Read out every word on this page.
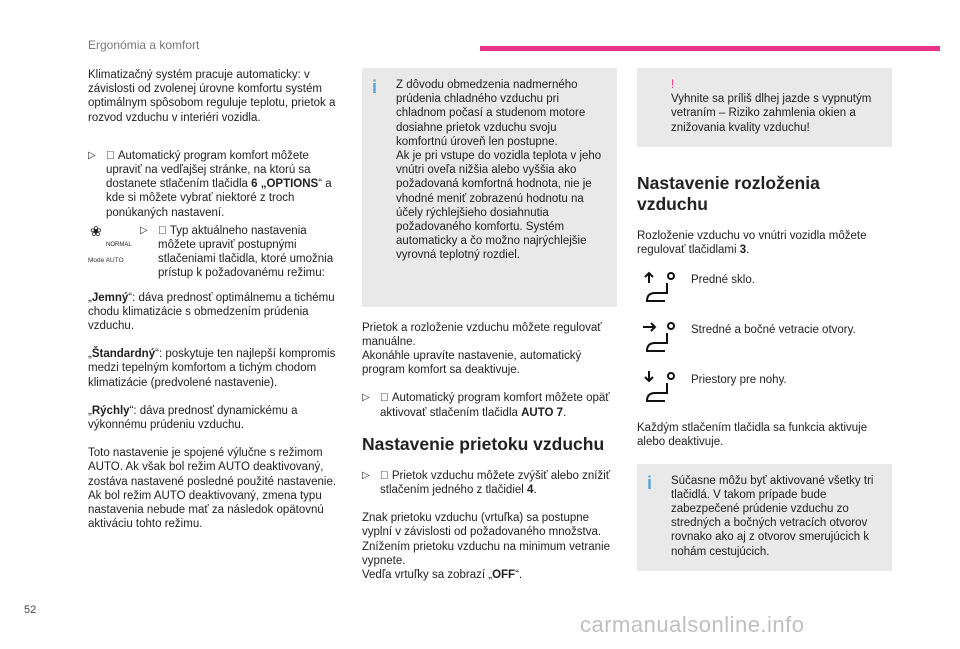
Ergonómia a komfort

Klimatizačný systém pracuje automaticky: v závislosti od zvolenej úrovne komfortu systém optimálnym spôsobom reguluje teplotu, prietok a rozvod vzduchu v interiéri vozidla.

▷ Automatický program komfort môžete upraviť na vedľajšej stránke, na ktorú sa dostanete stlačením tlačidla 6 „OPTIONS“ a kde si môžete vybrať niektoré z troch ponúkaných nastavení.
❀
NORMAL
Mode AUTO

▷ Typ aktuálneho nastavenia môžete upraviť postupnými stlačeniami tlačidla, ktoré umožnia prístup k požadovanému režimu:

„Jemný“: dáva prednosť optimálnemu a tichému chodu klimatizácie s obmedzením prúdenia vzduchu.

„Štandardný“: poskytuje ten najlepší kompromis medzi tepelným komfortom a tichým chodom klimatizácie (predvolené nastavenie).

„Rýchly“: dáva prednosť dynamickému a výkonnému prúdeniu vzduchu.

Toto nastavenie je spojené výlučne s režimom AUTO. Ak však bol režim AUTO deaktivovaný, zostáva nastavené posledné použité nastavenie.

Ak bol režim AUTO deaktivovaný, zmena typu nastavenia nebude mať za následok opätovnú aktiváciu tohto režimu.

i Z dôvodu obmedzenia nadmerného prúdenia chladného vzduchu pri chladnom počasí a studenom motore dosiahne prietok vzduchu svoju komfortnú úroveň len postupne.
Ak je pri vstupe do vozidla teplota v jeho vnútri oveľa nižšia alebo vyššia ako požadovaná komfortná hodnota, nie je vhodné meniť zobrazenú hodnotu na účely rýchlejšieho dosiahnutia požadovaného komfortu. Systém automaticky a čo možno najrýchlejšie vyrovná teplotný rozdiel.

Prietok a rozloženie vzduchu môžete regulovať manuálne.

Akonáhle upravíte nastavenie, automatický program komfort sa deaktivuje.

▷ Automatický program komfort môžete opäť aktivovať stlačením tlačidla AUTO 7.
Nastavenie prietoku vzduchu

▷ Prietok vzduchu môžete zvýšiť alebo znížiť stlačením jedného z tlačidiel 4.

Znak prietoku vzduchu (vrtuľka) sa postupne vyplní v závislosti od požadovaného množstva. Znížením prietoku vzduchu na minimum vetranie vypnete.

Vedľa vrtuľky sa zobrazí „OFF“.

!
Vyhnite sa príliš dlhej jazde s vypnutým vetraním – Riziko zahmlenia okien a znižovania kvality vzduchu!
Nastavenie rozloženia vzduchu

Rozloženie vzduchu vo vnútri vozidla môžete regulovať tlačidlami 3.

Predné sklo.
Stredné a bočné vetracie otvory.
Priestory pre nohy.

Každým stlačením tlačidla sa funkcia aktivuje alebo deaktivuje.

i Súčasne môžu byť aktivované všetky tri tlačidlá. V takom prípade bude zabezpečené prúdenie vzduchu zo stredných a bočných vetracích otvorov rovnako ako aj z otvorov smerujúcich k nohám cestujúcich.
52
carmanualsonline.info
